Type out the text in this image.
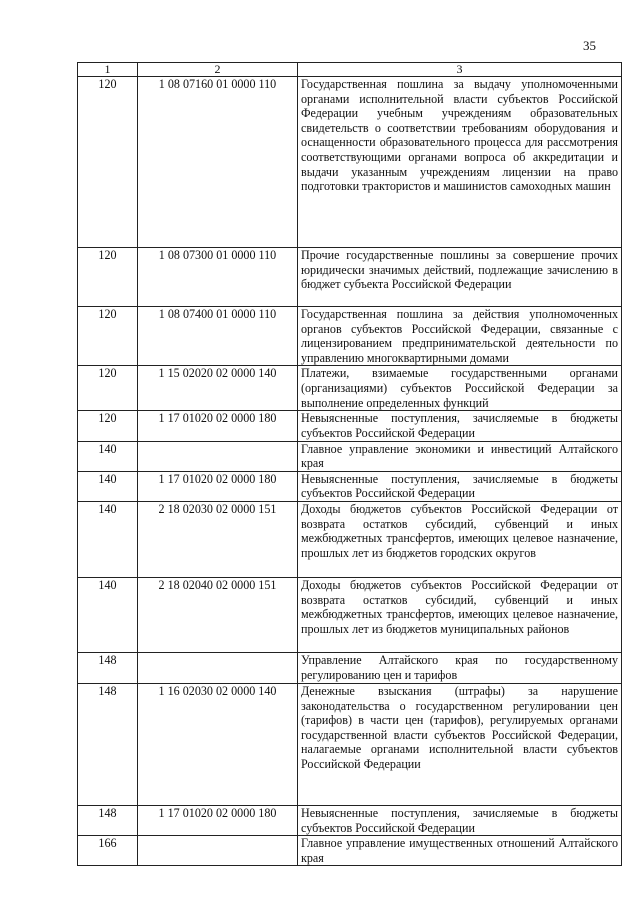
35
1	2	3
120	1 08 07160 01 0000 110	Государственная пошлина за выдачу уполномоченными органами исполнительной власти субъектов Российской Федерации учебным учреждениям образовательных свидетельств о соответствии требованиям оборудования и оснащенности образовательного процесса для рассмотрения соответствующими органами вопроса об аккредитации и выдачи указанным учреждениям лицензии на право подготовки трактористов и машинистов самоходных машин
120	1 08 07300 01 0000 110	Прочие государственные пошлины за совершение прочих юридически значимых действий, подлежащие зачислению в бюджет субъекта Российской Федерации
120	1 08 07400 01 0000 110	Государственная пошлина за действия уполномоченных органов субъектов Российской Федерации, связанные с лицензированием предпринимательской деятельности по управлению многоквартирными домами
120	1 15 02020 02 0000 140	Платежи, взимаемые государственными органами (организациями) субъектов Российской Федерации за выполнение определенных функций
120	1 17 01020 02 0000 180	Невыясненные поступления, зачисляемые в бюджеты субъектов Российской Федерации
140		Главное управление экономики и инвестиций Алтайского края
140	1 17 01020 02 0000 180	Невыясненные поступления, зачисляемые в бюджеты субъектов Российской Федерации
140	2 18 02030 02 0000 151	Доходы бюджетов субъектов Российской Федерации от возврата остатков субсидий, субвенций и иных межбюджетных трансфертов, имеющих целевое назначение, прошлых лет из бюджетов городских округов
140	2 18 02040 02 0000 151	Доходы бюджетов субъектов Российской Федерации от возврата остатков субсидий, субвенций и иных межбюджетных трансфертов, имеющих целевое назначение, прошлых лет из бюджетов муниципальных районов
148		Управление Алтайского края по государственному регулированию цен и тарифов
148	1 16 02030 02 0000 140	Денежные взыскания (штрафы) за нарушение законодательства о государственном регулировании цен (тарифов) в части цен (тарифов), регулируемых органами государственной власти субъектов Российской Федерации, налагаемые органами исполнительной власти субъектов Российской Федерации
148	1 17 01020 02 0000 180	Невыясненные поступления, зачисляемые в бюджеты субъектов Российской Федерации
166		Главное управление имущественных отношений Алтайского края
